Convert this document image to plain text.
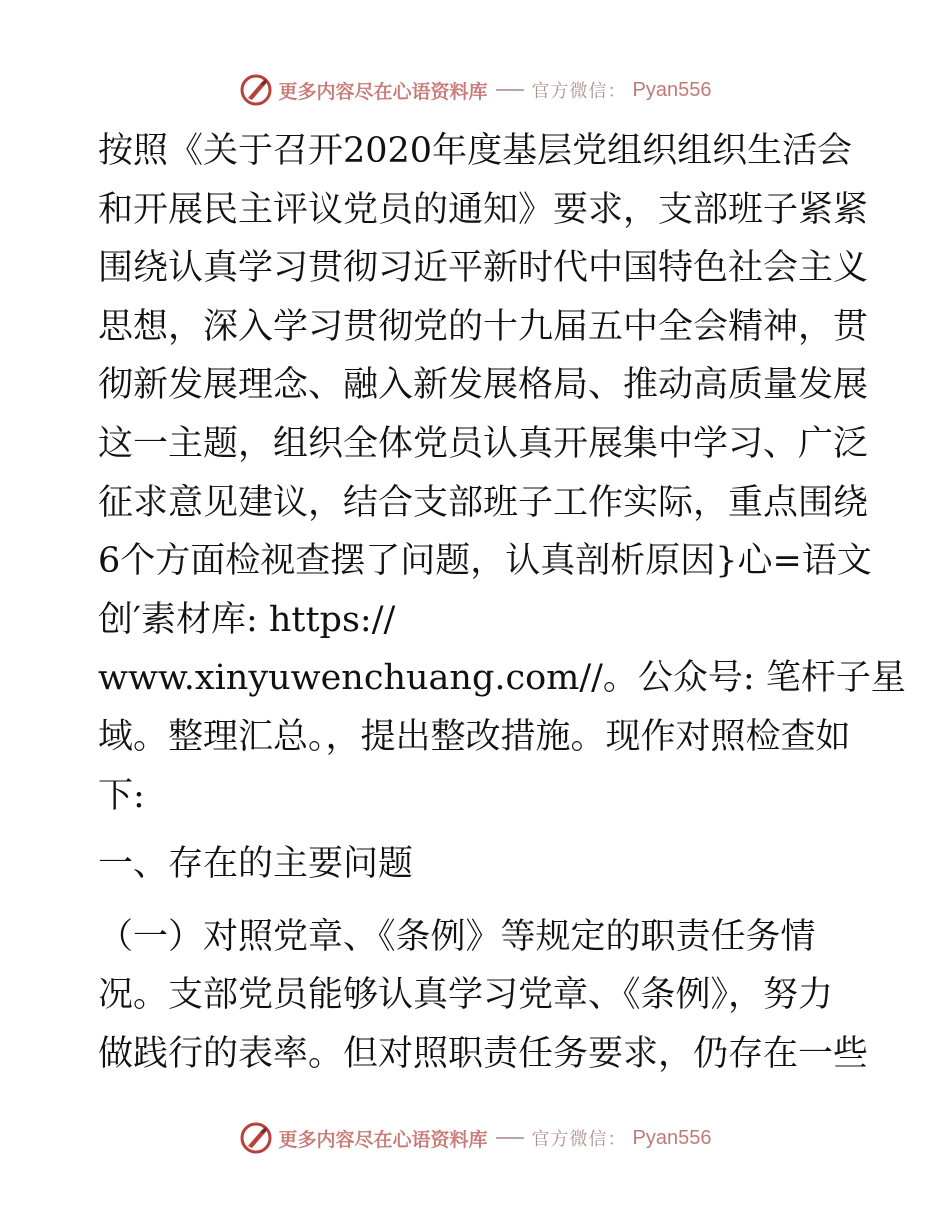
更多内容尽在心语资料库 官方微信： Pyan556
按照《关于召开2020年度基层党组织组织生活会
和开展民主评议党员的通知》要求，支部班子紧紧
围绕认真学习贯彻习近平新时代中国特色社会主义
思想，深入学习贯彻党的十九届五中全会精神，贯
彻新发展理念、融入新发展格局、推动高质量发展
这一主题，组织全体党员认真开展集中学习、广泛
征求意见建议，结合支部班子工作实际，重点围绕
6个方面检视查摆了问题，认真剖析原因}心=语文
创′素材库: https://
www.xinyuwenchuang.com//。公众号: 笔杆子星
域。整理汇总。，提出整改措施。现作对照检查如
下:
一、存在的主要问题
（一）对照党章、《条例》等规定的职责任务情
况。支部党员能够认真学习党章、《条例》，努力
做践行的表率。但对照职责任务要求，仍存在一些
更多内容尽在心语资料库 官方微信： Pyan556
